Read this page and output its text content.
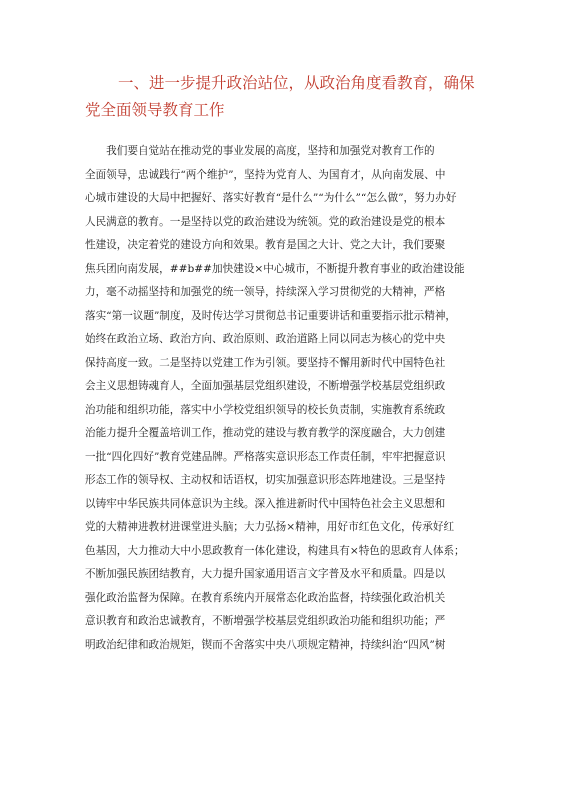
一、进一步提升政治站位，从政治角度看教育，确保
党全面领导教育工作
　　我们要自觉站在推动党的事业发展的高度，坚持和加强党对教育工作的
全面领导，忠诚践行“两个维护”，坚持为党育人、为国育才，从向南发展、中
心城市建设的大局中把握好、落实好教育“是什么”“为什么”“怎么做”，努力办好
人民满意的教育。一是坚持以党的政治建设为统领。党的政治建设是党的根本
性建设，决定着党的建设方向和效果。教育是国之大计、党之大计，我们要聚
焦兵团向南发展，##b##加快建设×中心城市，不断提升教育事业的政治建设能
力，毫不动摇坚持和加强党的统一领导，持续深入学习贯彻党的大精神，严格
落实“第一议题”制度，及时传达学习贯彻总书记重要讲话和重要指示批示精神，
始终在政治立场、政治方向、政治原则、政治道路上同以同志为核心的党中央
保持高度一致。二是坚持以党建工作为引领。要坚持不懈用新时代中国特色社
会主义思想铸魂育人，全面加强基层党组织建设，不断增强学校基层党组织政
治功能和组织功能，落实中小学校党组织领导的校长负责制，实施教育系统政
治能力提升全覆盖培训工作，推动党的建设与教育教学的深度融合，大力创建
一批“四化四好”教育党建品牌。严格落实意识形态工作责任制，牢牢把握意识
形态工作的领导权、主动权和话语权，切实加强意识形态阵地建设。三是坚持
以铸牢中华民族共同体意识为主线。深入推进新时代中国特色社会主义思想和
党的大精神进教材进课堂进头脑；大力弘扬×精神，用好市红色文化，传承好红
色基因，大力推动大中小思政教育一体化建设，构建具有×特色的思政育人体系；
不断加强民族团结教育，大力提升国家通用语言文字普及水平和质量。四是以
强化政治监督为保障。在教育系统内开展常态化政治监督，持续强化政治机关
意识教育和政治忠诚教育，不断增强学校基层党组织政治功能和组织功能；严
明政治纪律和政治规矩，锲而不舍落实中央八项规定精神，持续纠治“四风”树
